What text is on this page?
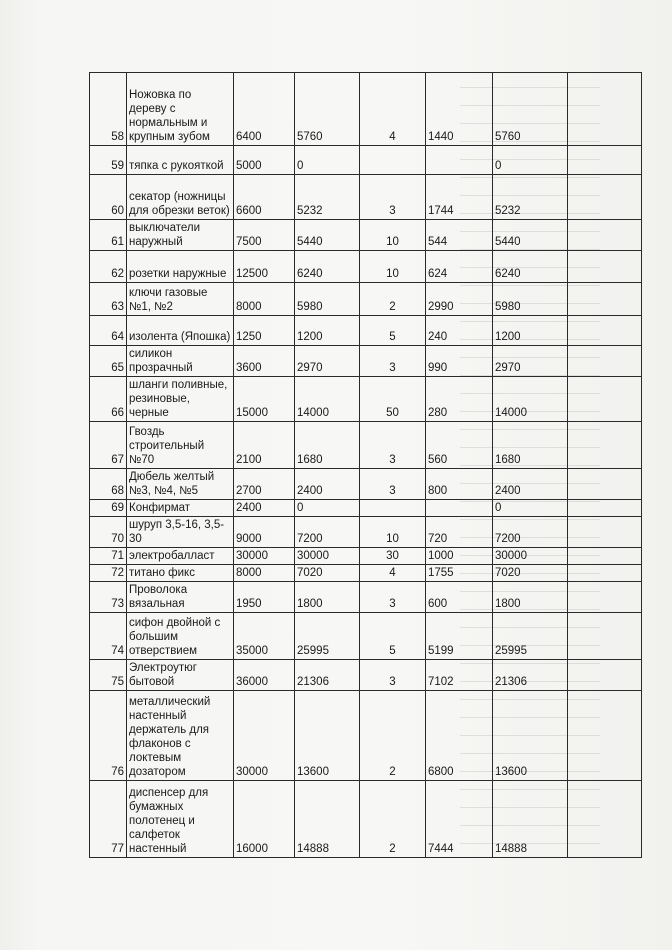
58	Ножовка по дереву с нормальным и крупным зубом	6400	5760	4	1440	5760	
59	тяпка с рукояткой	5000	0			0	
60	секатор (ножницы для обрезки веток)	6600	5232	3	1744	5232	
61	выключатели наружный	7500	5440	10	544	5440	
62	розетки наружные	12500	6240	10	624	6240	
63	ключи газовые №1, №2	8000	5980	2	2990	5980	
64	изолента (Япошка)	1250	1200	5	240	1200	
65	силикон прозрачный	3600	2970	3	990	2970	
66	шланги поливные, резиновые, черные	15000	14000	50	280	14000	
67	Гвоздь строительный №70	2100	1680	3	560	1680	
68	Дюбель желтый №3, №4, №5	2700	2400	3	800	2400	
69	Конфирмат	2400	0			0	
70	шуруп 3,5-16, 3,5-30	9000	7200	10	720	7200	
71	электробалласт	30000	30000	30	1000	30000	
72	титано фикс	8000	7020	4	1755	7020	
73	Проволока вязальная	1950	1800	3	600	1800	
74	сифон двойной с большим отверствием	35000	25995	5	5199	25995	
75	Электроутюг бытовой	36000	21306	3	7102	21306	
76	металлический настенный держатель для флаконов с локтевым дозатором	30000	13600	2	6800	13600	
77	диспенсер для бумажных полотенец и салфеток настенный	16000	14888	2	7444	14888	
